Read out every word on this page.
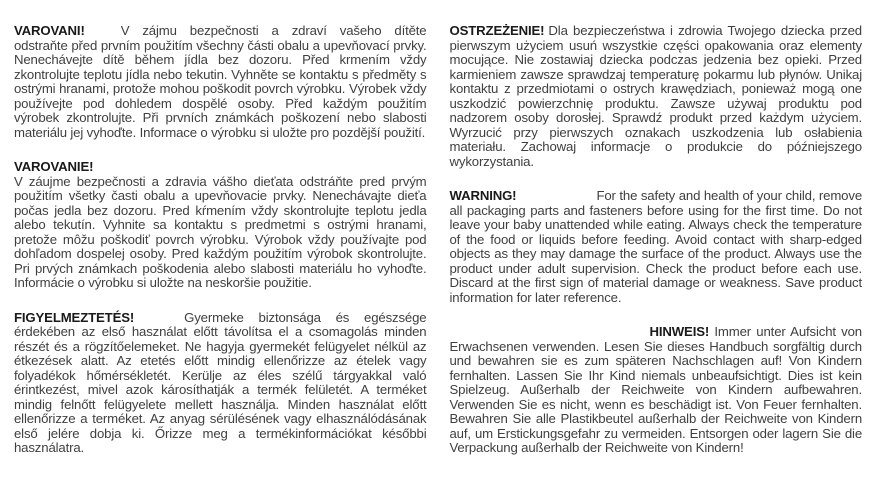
VAROVANI!	V zájmu bezpečnosti a zdraví vašeho dítěte odstraňte před prvním použitím všechny části obalu a upevňovací prvky. Nenechávejte dítě během jídla bez dozoru. Před krmením vždy zkontrolujte teplotu jídla nebo tekutin. Vyhněte se kontaktu s předměty s ostrými hranami, protože mohou poškodit povrch výrobku. Výrobek vždy používejte pod dohledem dospělé osoby. Před každým použitím výrobek zkontrolujte. Při prvních známkách poškození nebo slabosti materiálu jej vyhoďte. Informace o výrobku si uložte pro pozdější použití.

VAROVANIE!
V záujme bezpečnosti a zdravia vášho dieťata odstráňte pred prvým použitím všetky časti obalu a upevňovacie prvky. Nenechávajte dieťa počas jedla bez dozoru. Pred kŕmením vždy skontrolujte teplotu jedla alebo tekutín. Vyhnite sa kontaktu s predmetmi s ostrými hranami, pretože môžu poškodiť povrch výrobku. Výrobok vždy používajte pod dohľadom dospelej osoby. Pred každým použitím výrobok skontrolujte. Pri prvých známkach poškodenia alebo slabosti materiálu ho vyhoďte. Informácie o výrobku si uložte na neskoršie použitie.

FIGYELMEZTETÉS!	Gyermeke biztonsága és egészsége érdekében az első használat előtt távolítsa el a csomagolás minden részét és a rögzítőelemeket. Ne hagyja gyermekét felügyelet nélkül az étkezések alatt. Az etetés előtt mindig ellenőrizze az ételek vagy folyadékok hőmérsékletét. Kerülje az éles szélű tárgyakkal való érintkezést, mivel azok károsíthatják a termék felületét. A terméket mindig felnőtt felügyelete mellett használja. Minden használat előtt ellenőrizze a terméket. Az anyag sérülésének vagy elhasználódásának első jelére dobja ki. Őrizze meg a termékinformációkat későbbi használatra.

OSTRZEŻENIE! Dla bezpieczeństwa i zdrowia Twojego dziecka przed pierwszym użyciem usuń wszystkie części opakowania oraz elementy mocujące. Nie zostawiaj dziecka podczas jedzenia bez opieki. Przed karmieniem zawsze sprawdzaj temperaturę pokarmu lub płynów. Unikaj kontaktu z przedmiotami o ostrych krawędziach, ponieważ mogą one uszkodzić powierzchnię produktu. Zawsze używaj produktu pod nadzorem osoby dorosłej. Sprawdź produkt przed każdym użyciem. Wyrzucić przy pierwszych oznakach uszkodzenia lub osłabienia materiału. Zachowaj informacje o produkcie do późniejszego wykorzystania.

WARNING!	For the safety and health of your child, remove all packaging parts and fasteners before using for the first time. Do not leave your baby unattended while eating. Always check the temperature of the food or liquids before feeding. Avoid contact with sharp-edged objects as they may damage the surface of the product. Always use the product under adult supervision. Check the product before each use. Discard at the first sign of material damage or weakness. Save product information for later reference.

HINWEIS! Immer unter Aufsicht von Erwachsenen verwenden. Lesen Sie dieses Handbuch sorgfältig durch und bewahren sie es zum späteren Nachschlagen auf! Von Kindern fernhalten. Lassen Sie Ihr Kind niemals unbeaufsichtigt. Dies ist kein Spielzeug. Außerhalb der Reichweite von Kindern aufbewahren. Verwenden Sie es nicht, wenn es beschädigt ist. Von Feuer fernhalten. Bewahren Sie alle Plastikbeutel außerhalb der Reichweite von Kindern auf, um Erstickungsgefahr zu vermeiden. Entsorgen oder lagern Sie die Verpackung außerhalb der Reichweite von Kindern!
